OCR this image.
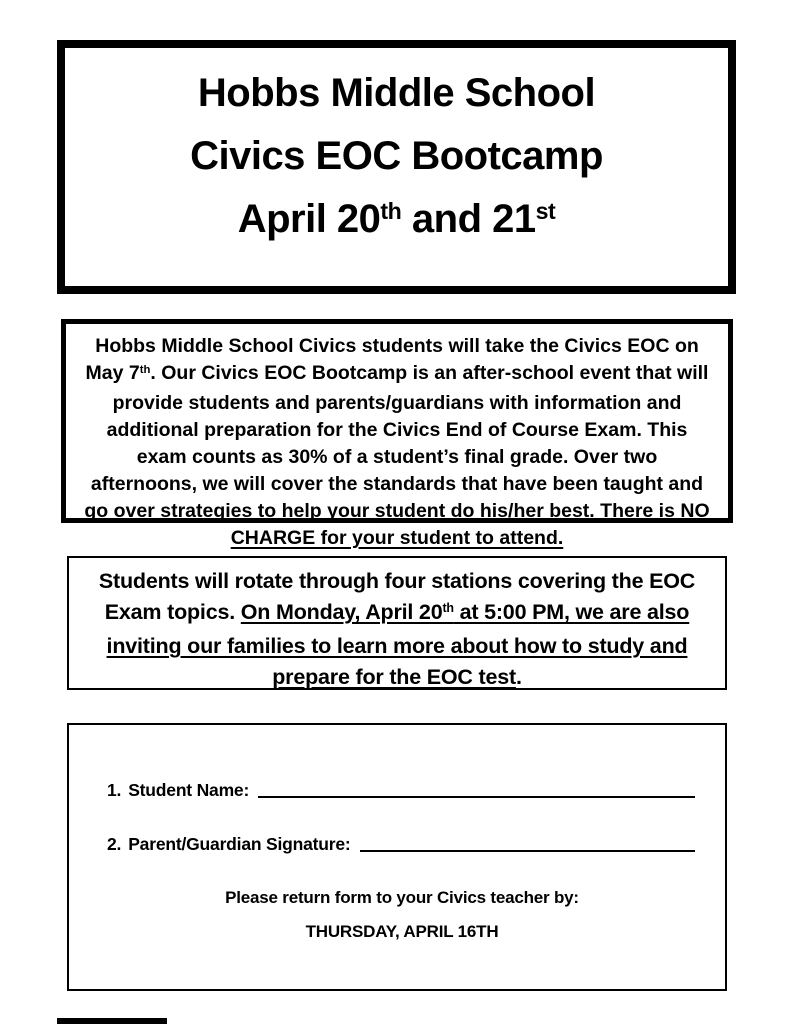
Hobbs Middle School
Civics EOC Bootcamp
April 20th and 21st
Hobbs Middle School Civics students will take the Civics EOC on May 7th. Our Civics EOC Bootcamp is an after-school event that will provide students and parents/guardians with information and additional preparation for the Civics End of Course Exam. This exam counts as 30% of a student’s final grade. Over two afternoons, we will cover the standards that have been taught and go over strategies to help your student do his/her best. There is NO CHARGE for your student to attend.
Students will rotate through four stations covering the EOC Exam topics. On Monday, April 20th at 5:00 PM, we are also inviting our families to learn more about how to study and prepare for the EOC test.
1. Student Name:
2. Parent/Guardian Signature:
Please return form to your Civics teacher by:
THURSDAY, APRIL 16TH
